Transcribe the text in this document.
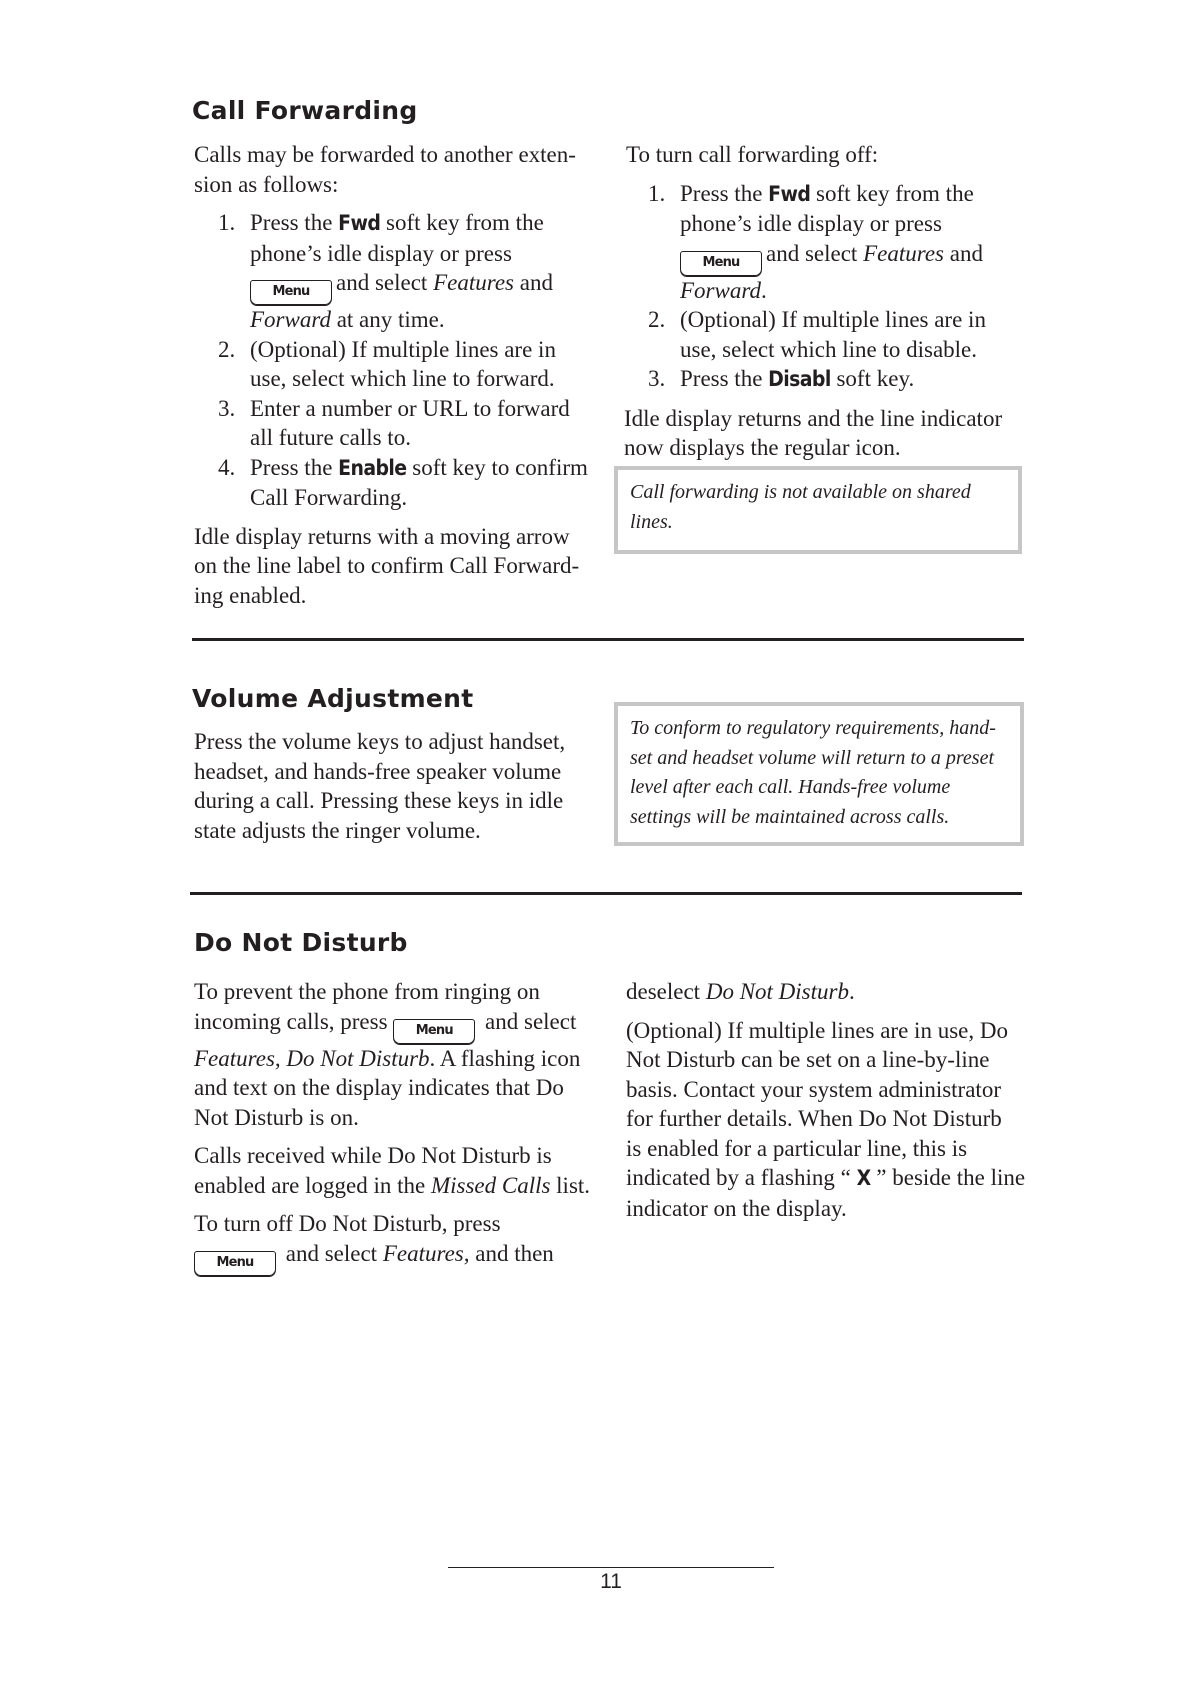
Call Forwarding

Calls may be forwarded to another exten-

sion as follows:

1. Press the Fwd soft key from the
phone’s idle display or press
Menu and select Features and
Forward at any time.
2. (Optional) If multiple lines are in
use, select which line to forward.
3. Enter a number or URL to forward
all future calls to.
4. Press the Enable soft key to confirm
Call Forwarding.

Idle display returns with a moving arrow

on the line label to confirm Call Forward-

ing enabled.

To turn call forwarding off:

1. Press the Fwd soft key from the
phone’s idle display or press
Menu and select Features and
Forward.
2. (Optional) If multiple lines are in
use, select which line to disable.
3. Press the Disabl soft key.

Idle display returns and the line indicator

now displays the regular icon.

Call forwarding is not available on shared
lines.
Volume Adjustment

Press the volume keys to adjust handset,

headset, and hands-free speaker volume

during a call. Pressing these keys in idle

state adjusts the ringer volume.

To conform to regulatory requirements, hand-
set and headset volume will return to a preset
level after each call. Hands-free volume
settings will be maintained across calls.
Do Not Disturb

To prevent the phone from ringing on

incoming calls, press Menu and select

Features, Do Not Disturb. A flashing icon

and text on the display indicates that Do

Not Disturb is on.

Calls received while Do Not Disturb is

enabled are logged in the Missed Calls list.

To turn off Do Not Disturb, press

Menu and select Features, and then

deselect Do Not Disturb.

(Optional) If multiple lines are in use, Do

Not Disturb can be set on a line-by-line

basis. Contact your system administrator

for further details. When Do Not Disturb

is enabled for a particular line, this is

indicated by a flashing “ X ” beside the line

indicator on the display.

11
